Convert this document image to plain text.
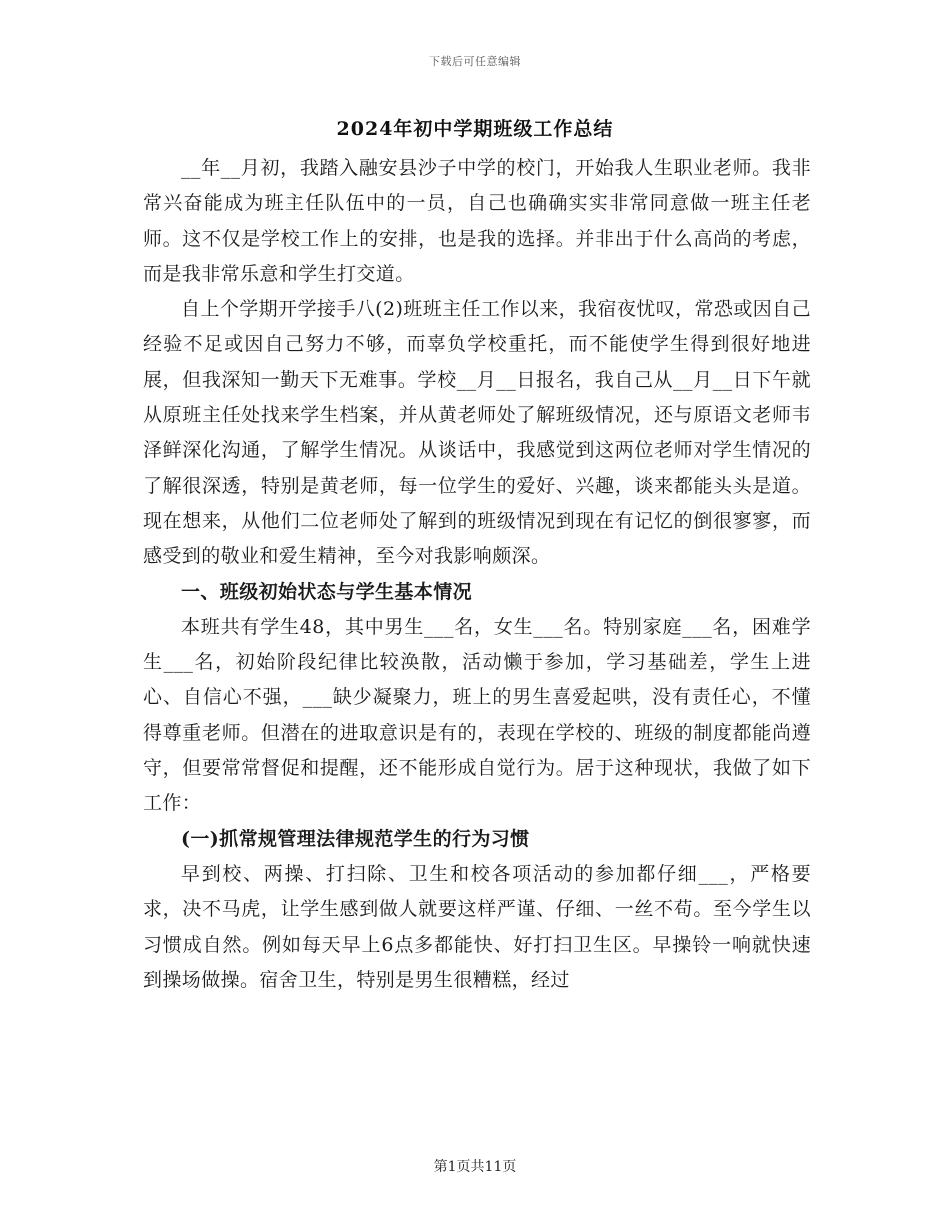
下载后可任意编辑
2024年初中学期班级工作总结

__年__月初，我踏入融安县沙子中学的校门，开始我人生职业老师。我非常兴奋能成为班主任队伍中的一员，自己也确确实实非常同意做一班主任老师。这不仅是学校工作上的安排，也是我的选择。并非出于什么高尚的考虑，而是我非常乐意和学生打交道。

自上个学期开学接手八(2)班班主任工作以来，我宿夜忧叹，常恐或因自己经验不足或因自己努力不够，而辜负学校重托，而不能使学生得到很好地进展，但我深知一勤天下无难事。学校__月__日报名，我自己从__月__日下午就从原班主任处找来学生档案，并从黄老师处了解班级情况，还与原语文老师韦泽鲜深化沟通，了解学生情况。从谈话中，我感觉到这两位老师对学生情况的了解很深透，特别是黄老师，每一位学生的爱好、兴趣，谈来都能头头是道。现在想来，从他们二位老师处了解到的班级情况到现在有记忆的倒很寥寥，而感受到的敬业和爱生精神，至今对我影响颇深。

一、班级初始状态与学生基本情况

本班共有学生48，其中男生___名，女生___名。特别家庭___名，困难学生___名，初始阶段纪律比较涣散，活动懒于参加，学习基础差，学生上进心、自信心不强，___缺少凝聚力，班上的男生喜爱起哄，没有责任心，不懂得尊重老师。但潜在的进取意识是有的，表现在学校的、班级的制度都能尚遵守，但要常常督促和提醒，还不能形成自觉行为。居于这种现状，我做了如下工作：

(一)抓常规管理法律规范学生的行为习惯

早到校、两操、打扫除、卫生和校各项活动的参加都仔细___，严格要求，决不马虎，让学生感到做人就要这样严谨、仔细、一丝不苟。至今学生以习惯成自然。例如每天早上6点多都能快、好打扫卫生区。早操铃一响就快速到操场做操。宿舍卫生，特别是男生很糟糕，经过

第1页共11页
